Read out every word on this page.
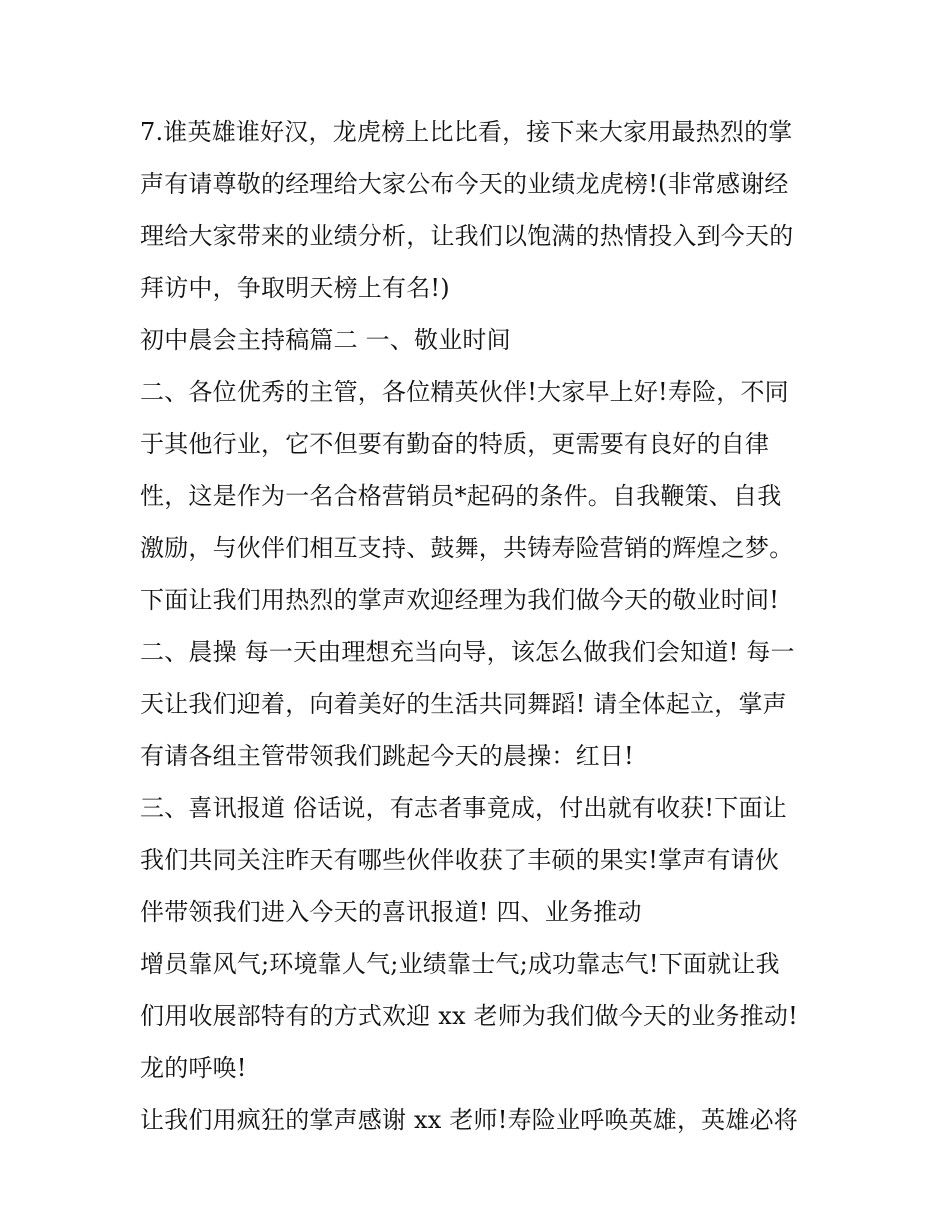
7.谁英雄谁好汉，龙虎榜上比比看，接下来大家用最热烈的掌
声有请尊敬的经理给大家公布今天的业绩龙虎榜!(非常感谢经
理给大家带来的业绩分析，让我们以饱满的热情投入到今天的
拜访中，争取明天榜上有名!)
初中晨会主持稿篇二 一、敬业时间
二、各位优秀的主管，各位精英伙伴!大家早上好!寿险，不同
于其他行业，它不但要有勤奋的特质，更需要有良好的自律
性，这是作为一名合格营销员*起码的条件。自我鞭策、自我
激励，与伙伴们相互支持、鼓舞，共铸寿险营销的辉煌之梦。
下面让我们用热烈的掌声欢迎经理为我们做今天的敬业时间!
二、晨操 每一天由理想充当向导，该怎么做我们会知道! 每一
天让我们迎着，向着美好的生活共同舞蹈! 请全体起立，掌声
有请各组主管带领我们跳起今天的晨操：红日!
三、喜讯报道 俗话说，有志者事竟成，付出就有收获!下面让
我们共同关注昨天有哪些伙伴收获了丰硕的果实!掌声有请伙
伴带领我们进入今天的喜讯报道! 四、业务推动
增员靠风气;环境靠人气;业绩靠士气;成功靠志气!下面就让我
们用收展部特有的方式欢迎 xx 老师为我们做今天的业务推动!
龙的呼唤!
让我们用疯狂的掌声感谢 xx 老师!寿险业呼唤英雄，英雄必将
